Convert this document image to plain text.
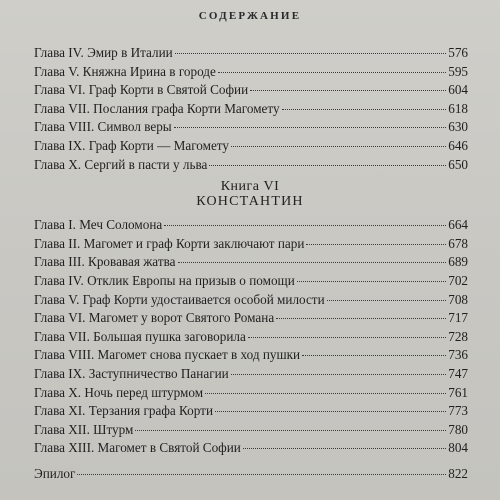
СОДЕРЖАНИЕ
Глава IV. Эмир в Италии	576
Глава V. Княжна Ирина в городе	595
Глава VI. Граф Корти в Святой Софии	604
Глава VII. Послания графа Корти Магомету	618
Глава VIII. Символ веры	630
Глава IX. Граф Корти — Магомету	646
Глава X. Сергий в пасти у льва	650
Книга VI
КОНСТАНТИН
Глава I. Меч Соломона	664
Глава II. Магомет и граф Корти заключают пари	678
Глава III. Кровавая жатва	689
Глава IV. Отклик Европы на призыв о помощи	702
Глава V. Граф Корти удостаивается особой милости	708
Глава VI. Магомет у ворот Святого Романа	717
Глава VII. Большая пушка заговорила	728
Глава VIII. Магомет снова пускает в ход пушки	736
Глава IX. Заступничество Панагии	747
Глава X. Ночь перед штурмом	761
Глава XI. Терзания графа Корти	773
Глава XII. Штурм	780
Глава XIII. Магомет в Святой Софии	804
Эпилог	822
